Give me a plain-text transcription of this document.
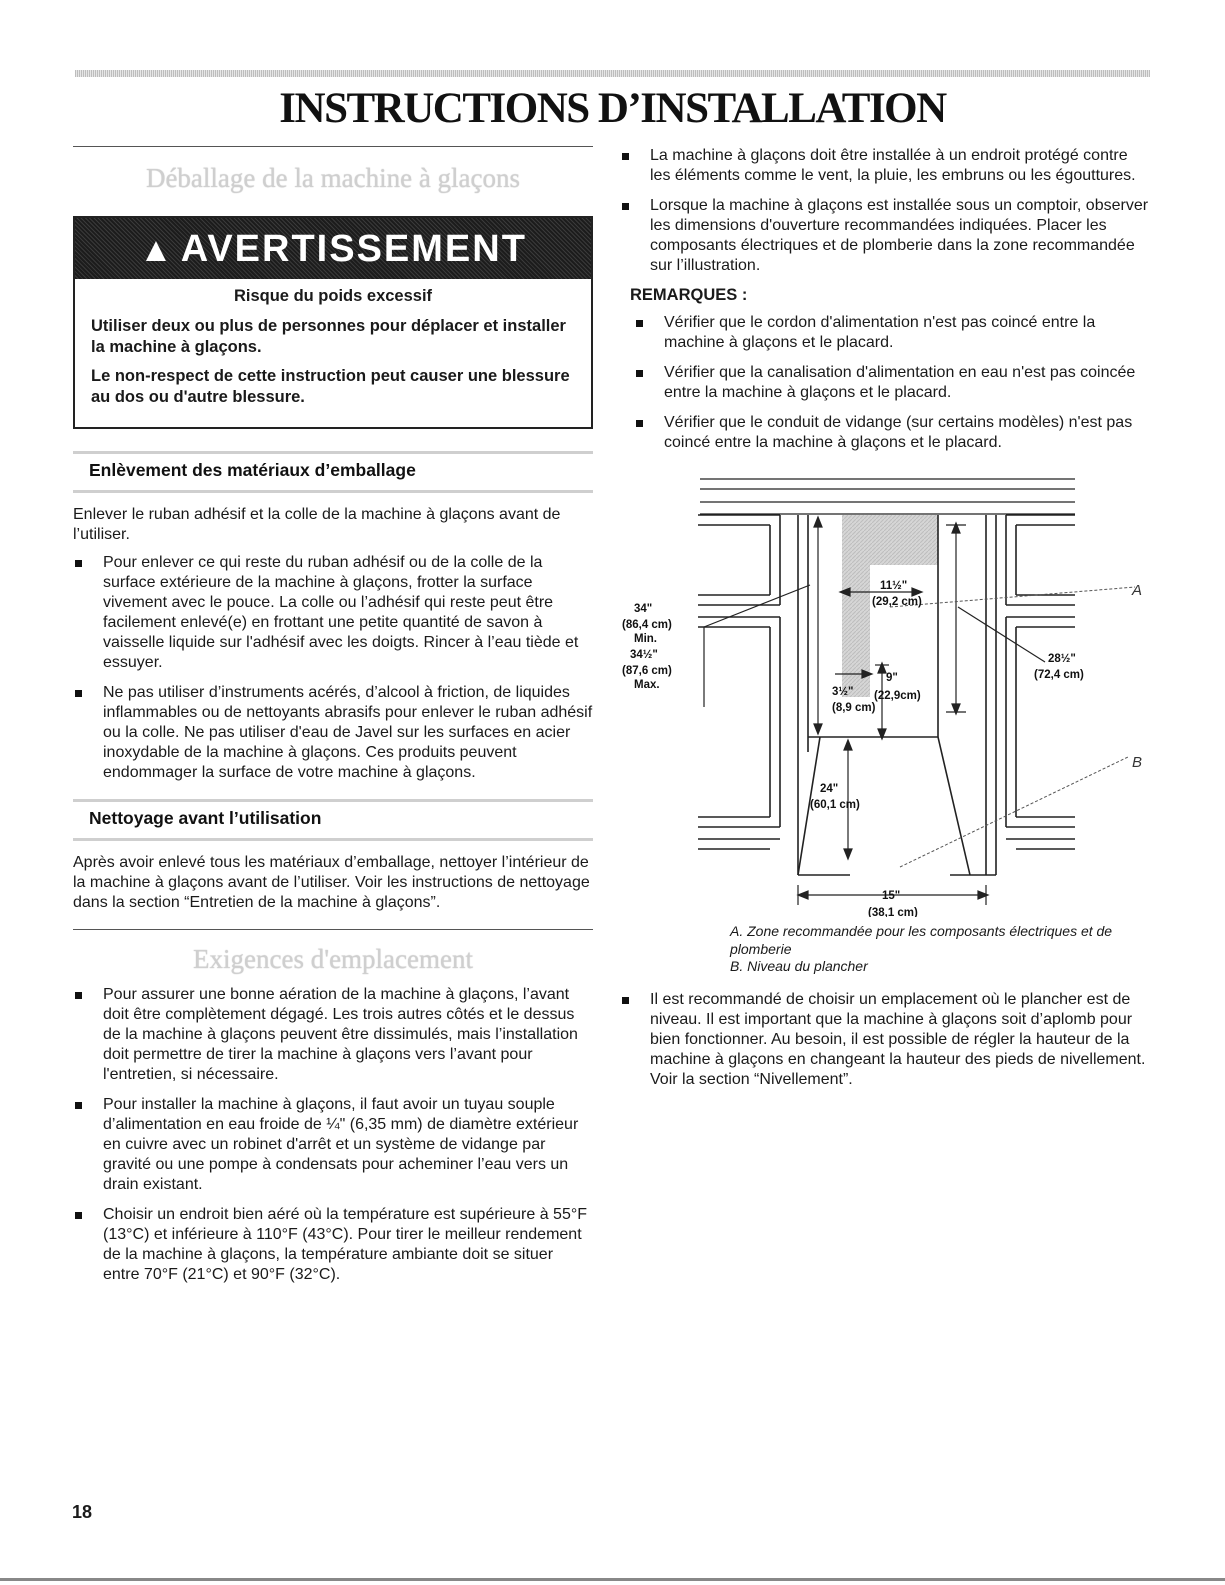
INSTRUCTIONS D’INSTALLATION
Déballage de la machine à glaçons
▲ AVERTISSEMENT
Risque du poids excessif

Utiliser deux ou plus de personnes pour déplacer et installer la machine à glaçons.

Le non-respect de cette instruction peut causer une blessure au dos ou d'autre blessure.

Enlèvement des matériaux d’emballage

Enlever le ruban adhésif et la colle de la machine à glaçons avant de l’utiliser.

Pour enlever ce qui reste du ruban adhésif ou de la colle de la surface extérieure de la machine à glaçons, frotter la surface vivement avec le pouce. La colle ou l’adhésif qui reste peut être facilement enlevé(e) en frottant une petite quantité de savon à vaisselle liquide sur l'adhésif avec les doigts. Rincer à l’eau tiède et essuyer.
Ne pas utiliser d’instruments acérés, d’alcool à friction, de liquides inflammables ou de nettoyants abrasifs pour enlever le ruban adhésif ou la colle. Ne pas utiliser d'eau de Javel sur les surfaces en acier inoxydable de la machine à glaçons. Ces produits peuvent endommager la surface de votre machine à glaçons.
Nettoyage avant l’utilisation

Après avoir enlevé tous les matériaux d’emballage, nettoyer l’intérieur de la machine à glaçons avant de l’utiliser. Voir les instructions de nettoyage dans la section “Entretien de la machine à glaçons”.

Exigences d'emplacement
Pour assurer une bonne aération de la machine à glaçons, l’avant doit être complètement dégagé. Les trois autres côtés et le dessus de la machine à glaçons peuvent être dissimulés, mais l’installation doit permettre de tirer la machine à glaçons vers l’avant pour l'entretien, si nécessaire.
Pour installer la machine à glaçons, il faut avoir un tuyau souple d’alimentation en eau froide de ¼" (6,35 mm) de diamètre extérieur en cuivre avec un robinet d'arrêt et un système de vidange par gravité ou une pompe à condensats pour acheminer l’eau vers un drain existant.
Choisir un endroit bien aéré où la température est supérieure à 55°F (13°C) et inférieure à 110°F (43°C). Pour tirer le meilleur rendement de la machine à glaçons, la température ambiante doit se situer entre 70°F (21°C) et 90°F (32°C).
La machine à glaçons doit être installée à un endroit protégé contre les éléments comme le vent, la pluie, les embruns ou les égouttures.
Lorsque la machine à glaçons est installée sous un comptoir, observer les dimensions d'ouverture recommandées indiquées. Placer les composants électriques et de plomberie dans la zone recommandée sur l’illustration.
REMARQUES :
Vérifier que le cordon d'alimentation n'est pas coincé entre la machine à glaçons et le placard.
Vérifier que la canalisation d'alimentation en eau n'est pas coincée entre la machine à glaçons et le placard.
Vérifier que le conduit de vidange (sur certains modèles) n'est pas coincé entre la machine à glaçons et le placard.
34"
(86,4 cm)
Min.
34½"
(87,6 cm)
Max.
11½"
(29,2 cm)
28½"
(72,4 cm)
3½"
(8,9 cm)
9"
(22,9cm)
24"
(60,1 cm)
15"
(38,1 cm)
A
B
A. Zone recommandée pour les composants électriques et de plomberie
B. Niveau du plancher
Il est recommandé de choisir un emplacement où le plancher est de niveau. Il est important que la machine à glaçons soit d’aplomb pour bien fonctionner. Au besoin, il est possible de régler la hauteur de la machine à glaçons en changeant la hauteur des pieds de nivellement. Voir la section “Nivellement”.
18
